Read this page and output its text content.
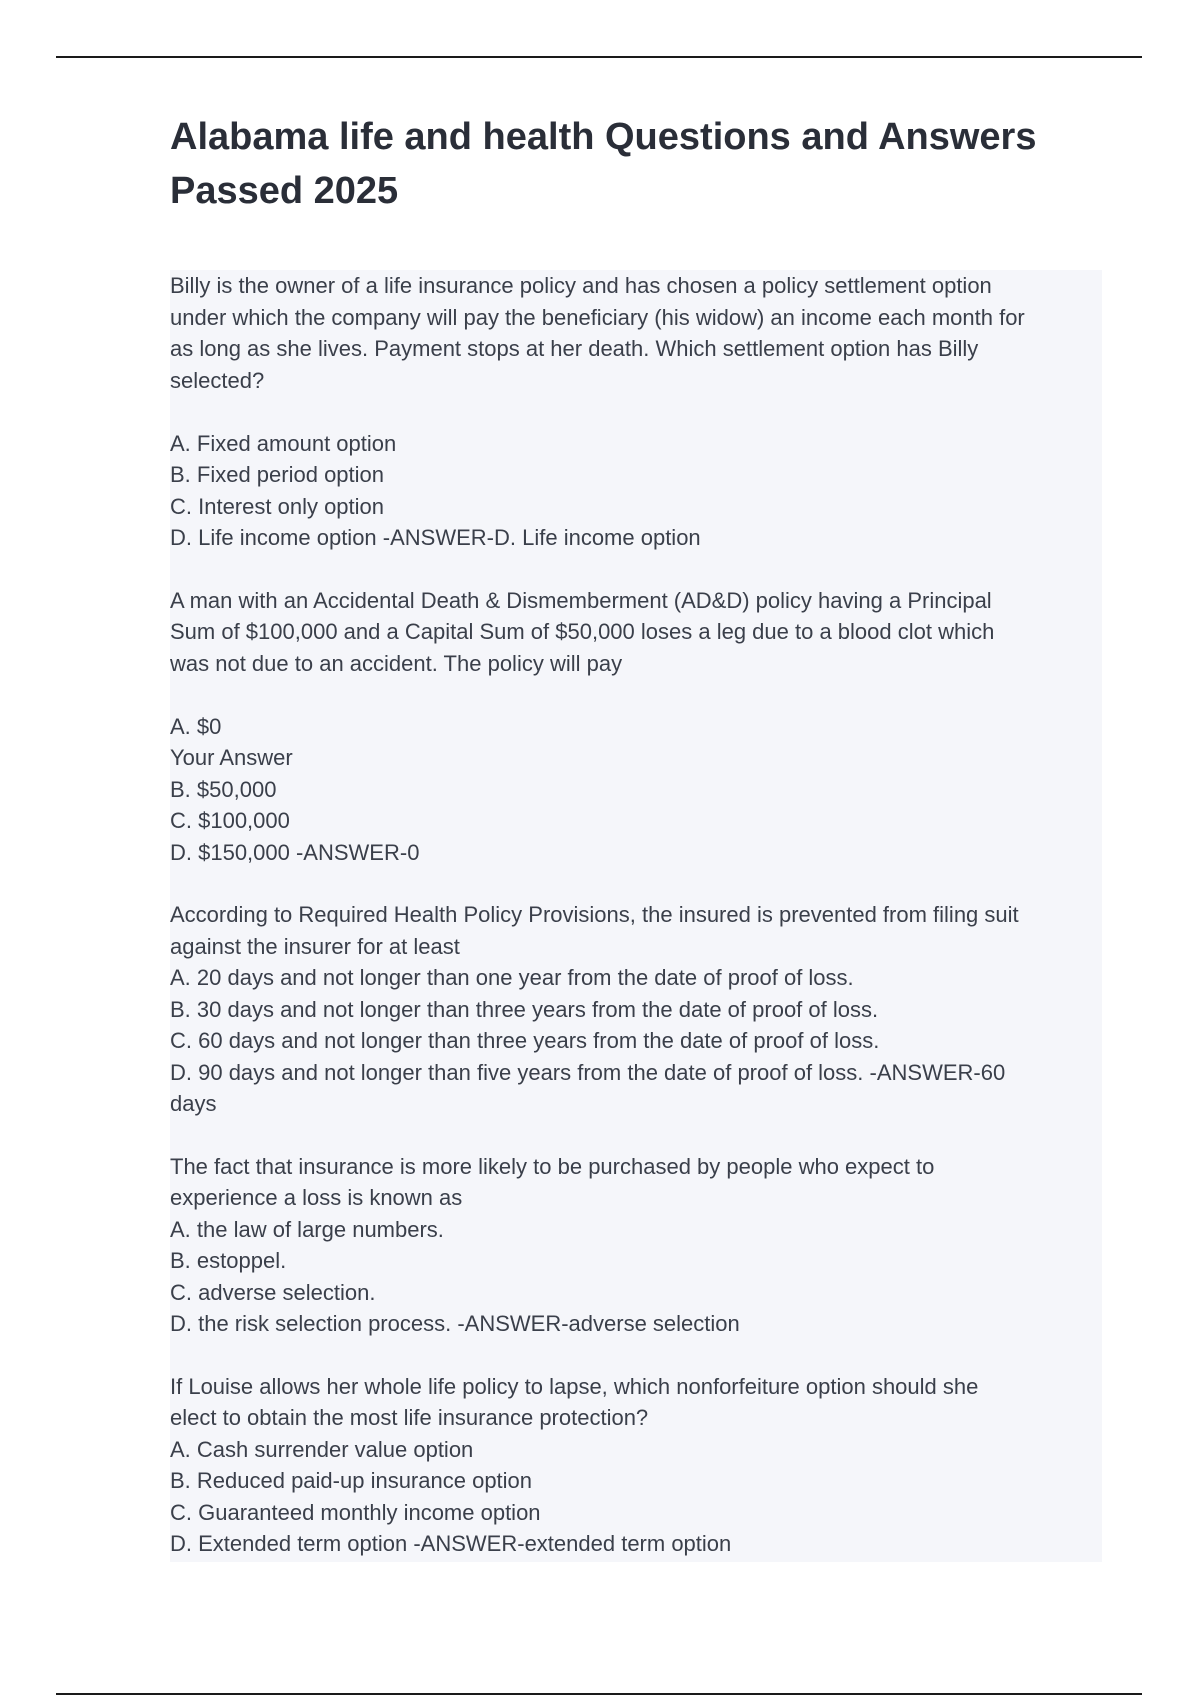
Alabama life and health Questions and Answers
Passed 2025
Billy is the owner of a life insurance policy and has chosen a policy settlement option
under which the company will pay the beneficiary (his widow) an income each month for
as long as she lives. Payment stops at her death. Which settlement option has Billy
selected?
A. Fixed amount option
B. Fixed period option
C. Interest only option
D. Life income option -ANSWER-D. Life income option
A man with an Accidental Death & Dismemberment (AD&D) policy having a Principal
Sum of $100,000 and a Capital Sum of $50,000 loses a leg due to a blood clot which
was not due to an accident. The policy will pay
A. $0
Your Answer
B. $50,000
C. $100,000
D. $150,000 -ANSWER-0
According to Required Health Policy Provisions, the insured is prevented from filing suit
against the insurer for at least
A. 20 days and not longer than one year from the date of proof of loss.
B. 30 days and not longer than three years from the date of proof of loss.
C. 60 days and not longer than three years from the date of proof of loss.
D. 90 days and not longer than five years from the date of proof of loss. -ANSWER-60
days
The fact that insurance is more likely to be purchased by people who expect to
experience a loss is known as
A. the law of large numbers.
B. estoppel.
C. adverse selection.
D. the risk selection process. -ANSWER-adverse selection
If Louise allows her whole life policy to lapse, which nonforfeiture option should she
elect to obtain the most life insurance protection?
A. Cash surrender value option
B. Reduced paid-up insurance option
C. Guaranteed monthly income option
D. Extended term option -ANSWER-extended term option
